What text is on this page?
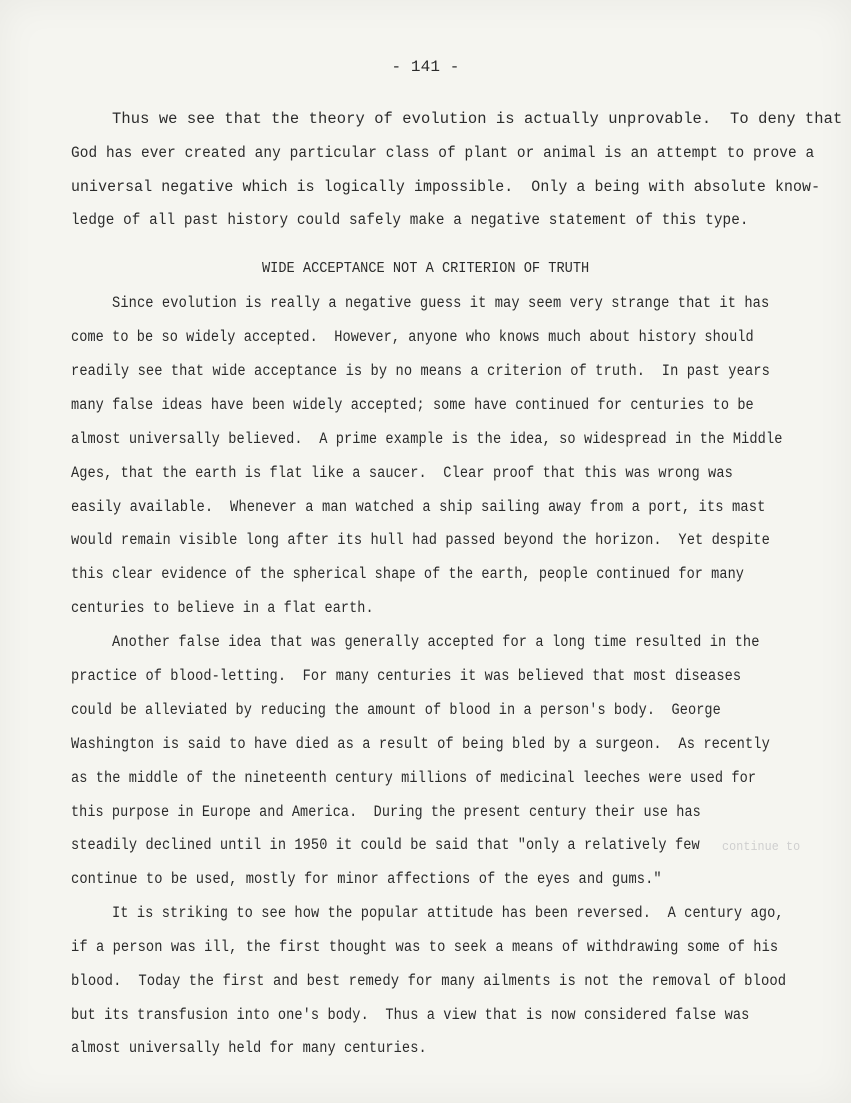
- 141 -
Thus we see that the theory of evolution is actually unprovable.  To deny that
God has ever created any particular class of plant or animal is an attempt to prove a
universal negative which is logically impossible.  Only a being with absolute know-
ledge of all past history could safely make a negative statement of this type.
WIDE ACCEPTANCE NOT A CRITERION OF TRUTH
Since evolution is really a negative guess it may seem very strange that it has
come to be so widely accepted.  However, anyone who knows much about history should
readily see that wide acceptance is by no means a criterion of truth.  In past years
many false ideas have been widely accepted; some have continued for centuries to be
almost universally believed.  A prime example is the idea, so widespread in the Middle
Ages, that the earth is flat like a saucer.  Clear proof that this was wrong was
easily available.  Whenever a man watched a ship sailing away from a port, its mast
would remain visible long after its hull had passed beyond the horizon.  Yet despite
this clear evidence of the spherical shape of the earth, people continued for many
centuries to believe in a flat earth.
Another false idea that was generally accepted for a long time resulted in the
practice of blood-letting.  For many centuries it was believed that most diseases
could be alleviated by reducing the amount of blood in a person's body.  George
Washington is said to have died as a result of being bled by a surgeon.  As recently
as the middle of the nineteenth century millions of medicinal leeches were used for
this purpose in Europe and America.  During the present century their use has
steadily declined until in 1950 it could be said that "only a relatively few
continue to be used, mostly for minor affections of the eyes and gums."
continue to
It is striking to see how the popular attitude has been reversed.  A century ago,
if a person was ill, the first thought was to seek a means of withdrawing some of his
blood.  Today the first and best remedy for many ailments is not the removal of blood
but its transfusion into one's body.  Thus a view that is now considered false was
almost universally held for many centuries.
